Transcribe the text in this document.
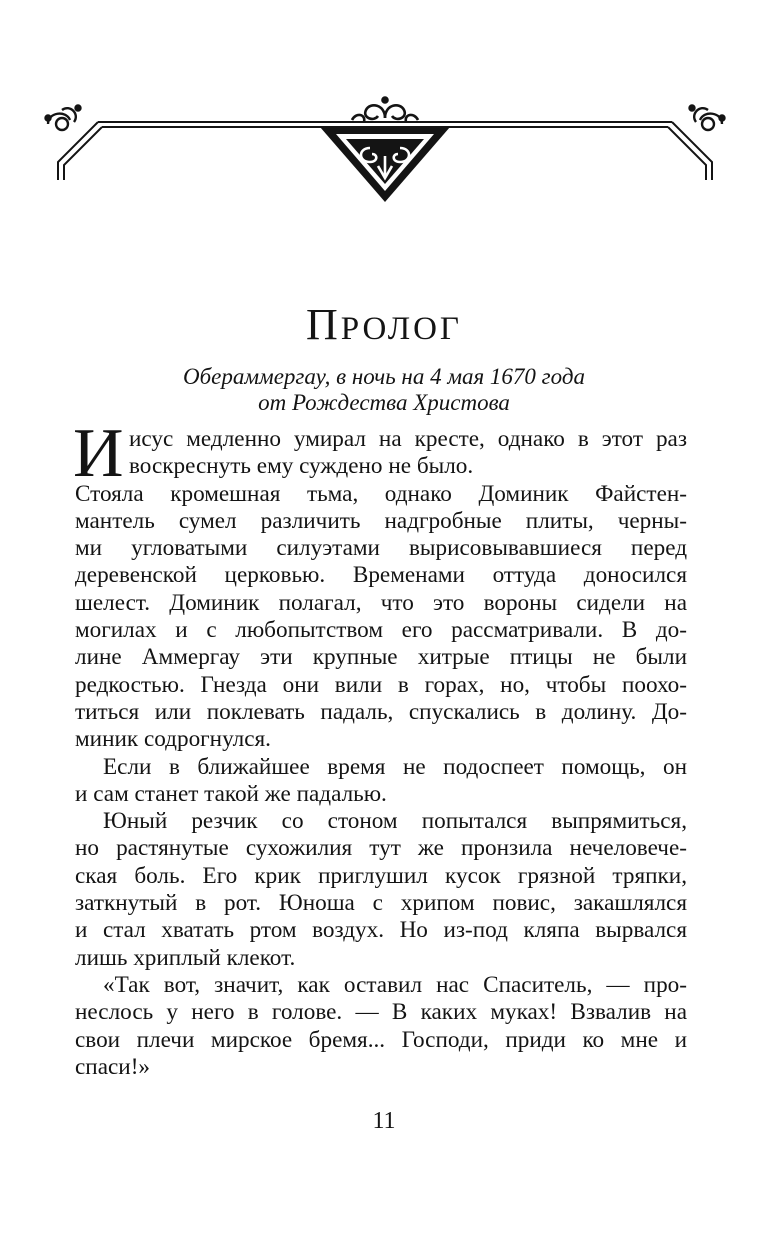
ПРОЛОГ
Обераммергау, в ночь на 4 мая 1670 года
от Рождества Христова
И исус медленно умирал на кресте, однако в этот раз
воскреснуть ему суждено не было.
Стояла кромешная тьма, однако Доминик Файстен-
мантель сумел различить надгробные плиты, черны-
ми угловатыми силуэтами вырисовывавшиеся перед
деревенской церковью. Временами оттуда доносился
шелест. Доминик полагал, что это вороны сидели на
могилах и с любопытством его рассматривали. В до-
лине Аммергау эти крупные хитрые птицы не были
редкостью. Гнезда они вили в горах, но, чтобы поохо-
титься или поклевать падаль, спускались в долину. До-
миник содрогнулся.
Если в ближайшее время не подоспеет помощь, он
и сам станет такой же падалью.
Юный резчик со стоном попытался выпрямиться,
но растянутые сухожилия тут же пронзила нечеловече-
ская боль. Его крик приглушил кусок грязной тряпки,
заткнутый в рот. Юноша с хрипом повис, закашлялся
и стал хватать ртом воздух. Но из-под кляпа вырвался
лишь хриплый клекот.
«Так вот, значит, как оставил нас Спаситель, — про-
неслось у него в голове. — В каких муках! Взвалив на
свои плечи мирское бремя... Господи, приди ко мне и
спаси!»
11
